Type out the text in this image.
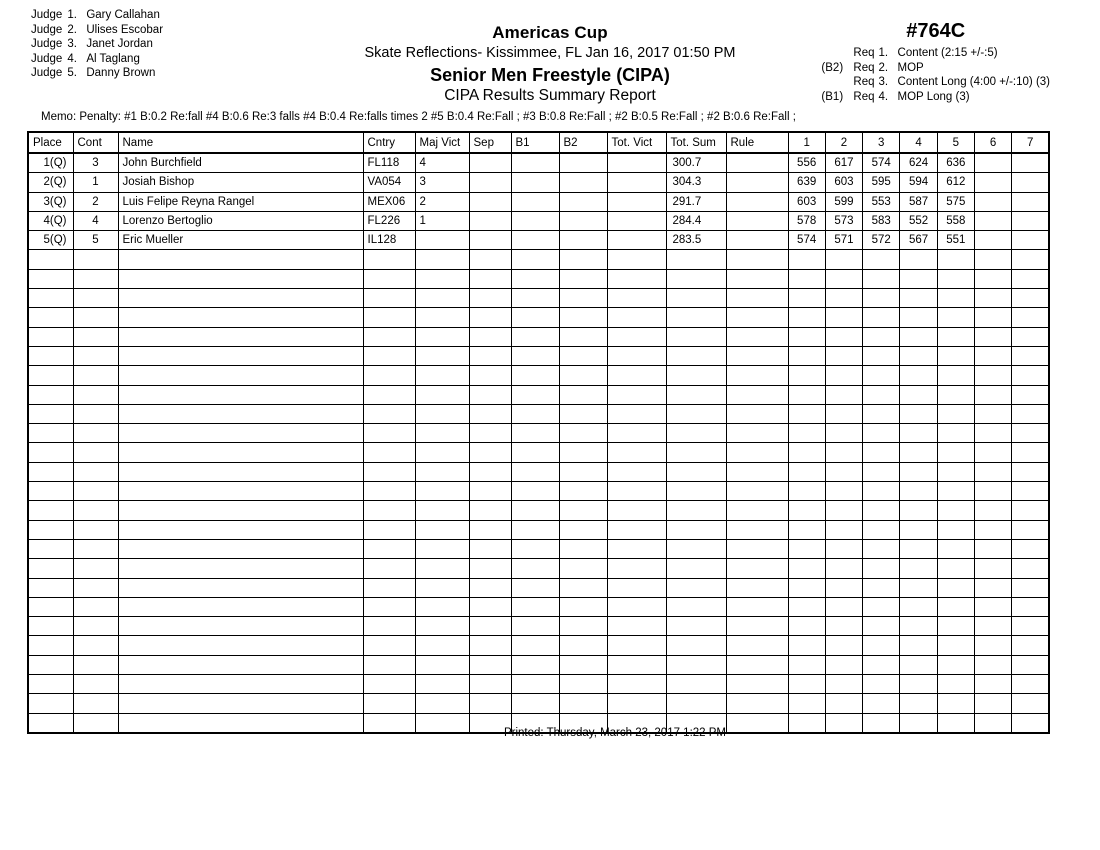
Judge 1. Gary Callahan
Judge 2. Ulises Escobar
Judge 3. Janet Jordan
Judge 4. Al Taglang
Judge 5. Danny Brown
Americas Cup
Skate Reflections- Kissimmee, FL Jan 16, 2017 01:50 PM
Senior Men Freestyle (CIPA)
CIPA Results Summary Report
#764C
Req 1. Content (2:15 +/-:5)
(B2) Req 2. MOP
Req 3. Content Long (4:00 +/-:10) (3)
(B1) Req 4. MOP Long (3)
Memo: Penalty: #1 B:0.2 Re:fall #4 B:0.6 Re:3 falls #4 B:0.4 Re:falls times 2 #5 B:0.4 Re:Fall ; #3 B:0.8 Re:Fall ; #2 B:0.5 Re:Fall ; #2 B:0.6 Re:Fall ;
Place	Cont	Name	Cntry	Maj Vict	Sep	B1	B2	Tot. Vict	Tot. Sum	Rule	1	2	3	4	5	6	7
1(Q)	3	John Burchfield	FL118	4					300.7		556	617	574	624	636		
2(Q)	1	Josiah Bishop	VA054	3					304.3		639	603	595	594	612		
3(Q)	2	Luis Felipe Reyna Rangel	MEX06	2					291.7		603	599	553	587	575		
4(Q)	4	Lorenzo Bertoglio	FL226	1					284.4		578	573	583	552	558		
5(Q)	5	Eric Mueller	IL128						283.5		574	571	572	567	551		

Printed: Thursday, March 23, 2017 1:22 PM
